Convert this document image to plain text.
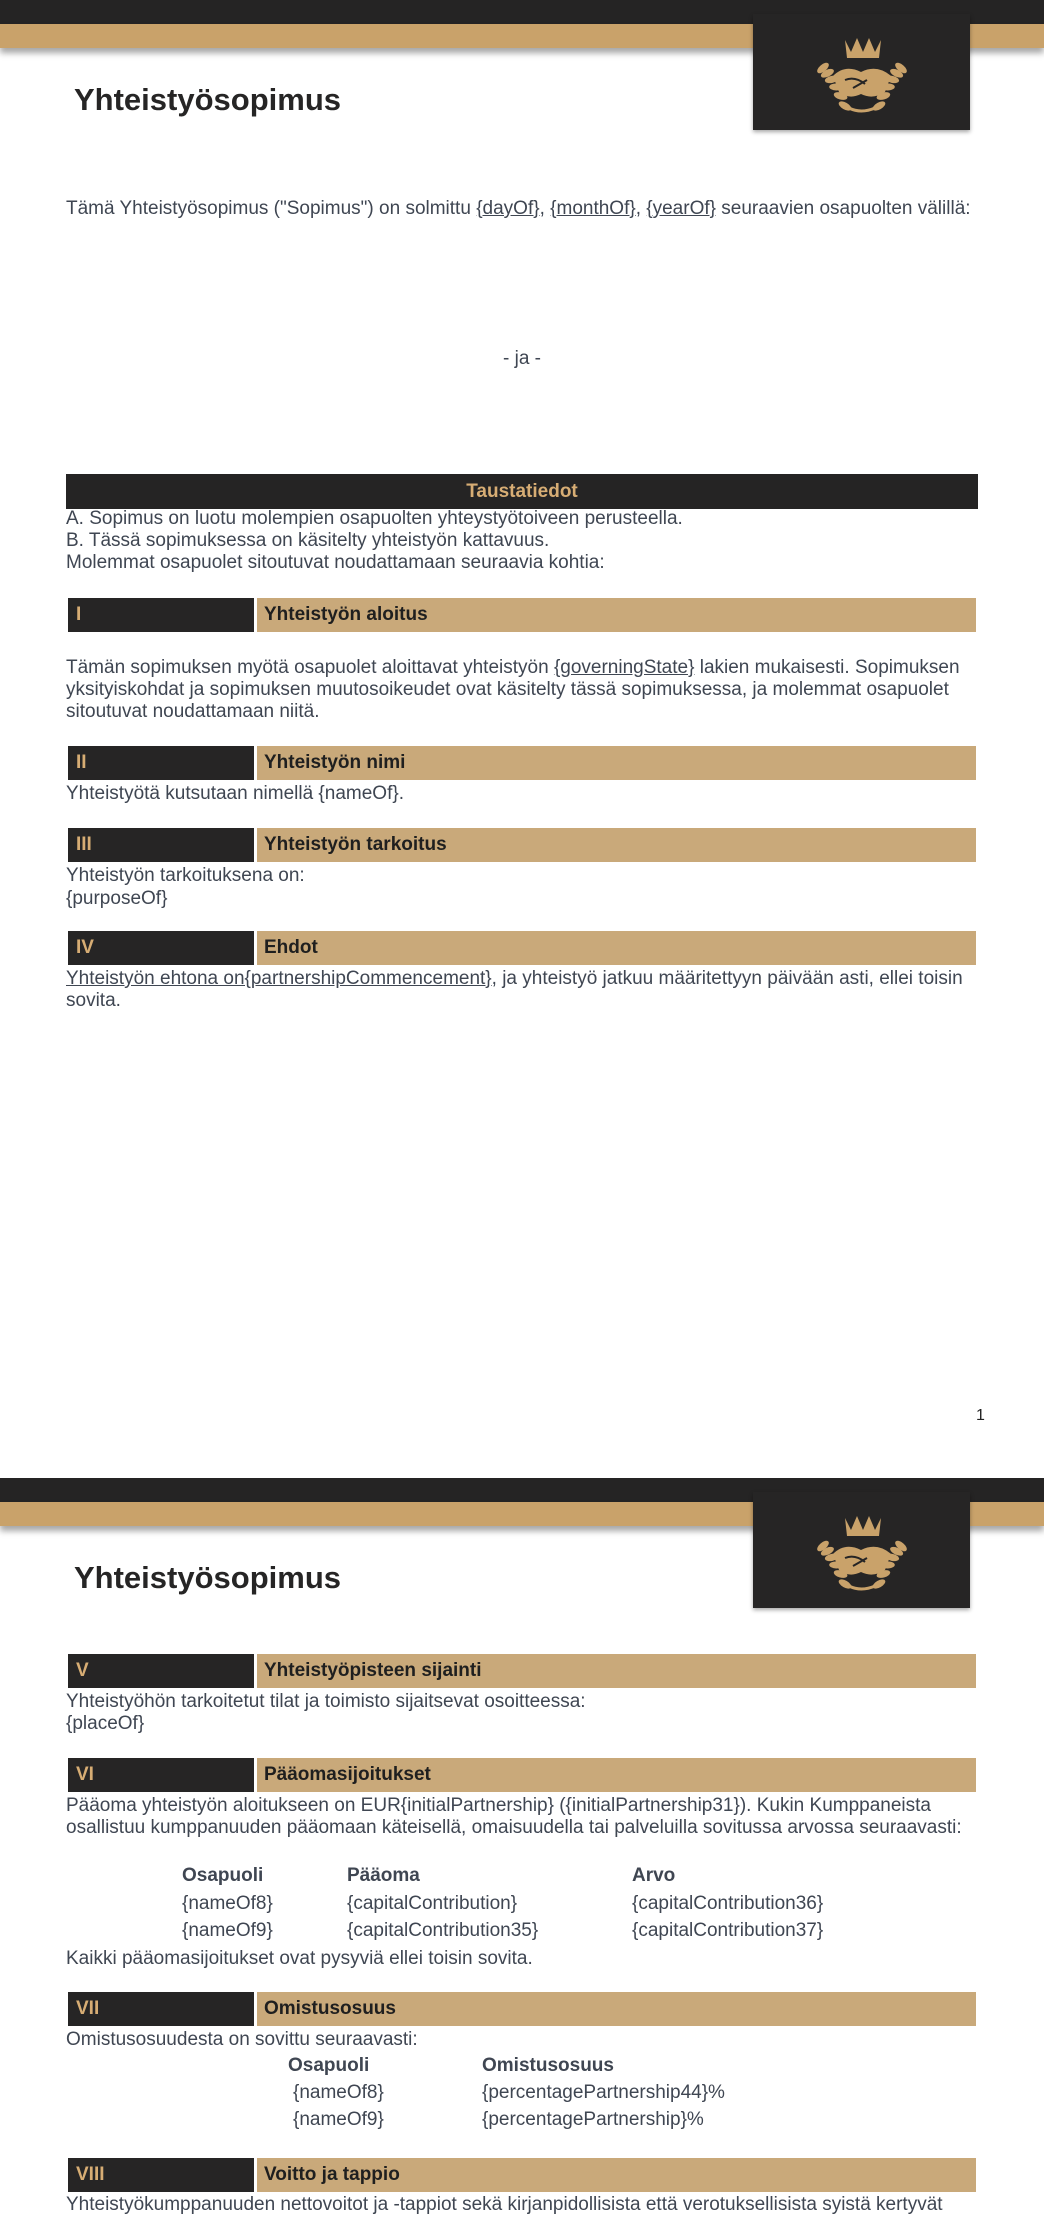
Yhteistyösopimus
Tämä Yhteistyösopimus ("Sopimus") on solmittu {dayOf}, {monthOf}, {yearOf} seuraavien osapuolten välillä:
- ja -
Taustatiedot
A. Sopimus on luotu molempien osapuolten yhteystyötoiveen perusteella.
B. Tässä sopimuksessa on käsitelty yhteistyön kattavuus.
Molemmat osapuolet sitoutuvat noudattamaan seuraavia kohtia:
I	Yhteistyön aloitus
Tämän sopimuksen myötä osapuolet aloittavat yhteistyön {governingState} lakien mukaisesti. Sopimuksen yksityiskohdat ja sopimuksen muutosoikeudet ovat käsitelty tässä sopimuksessa, ja molemmat osapuolet sitoutuvat noudattamaan niitä.
II	Yhteistyön nimi
Yhteistyötä kutsutaan nimellä {nameOf}.
III	Yhteistyön tarkoitus
Yhteistyön tarkoituksena on:
{purposeOf}
IV	Ehdot
Yhteistyön ehtona on{partnershipCommencement}, ja yhteistyö jatkuu määritettyyn päivään asti, ellei toisin sovita.
1
Yhteistyösopimus
V	Yhteistyöpisteen sijainti
Yhteistyöhön tarkoitetut tilat ja toimisto sijaitsevat osoitteessa:
{placeOf}
VI	Pääomasijoitukset
Pääoma yhteistyön aloitukseen on EUR{initialPartnership} ({initialPartnership31}). Kukin Kumppaneista osallistuu kumppanuuden pääomaan käteisellä, omaisuudella tai palveluilla sovitussa arvossa seuraavasti:
Osapuoli	Pääoma	Arvo
{nameOf8}	{capitalContribution}	{capitalContribution36}
{nameOf9}	{capitalContribution35}	{capitalContribution37}
Kaikki pääomasijoitukset ovat pysyviä ellei toisin sovita.
VII	Omistusosuus
Omistusosuudesta on sovittu seuraavasti:
Osapuoli	Omistusosuus
{nameOf8}	{percentagePartnership44}%
{nameOf9}	{percentagePartnership}%
VIII	Voitto ja tappio
Yhteistyökumppanuuden nettovoitot ja -tappiot sekä kirjanpidollisista että verotuksellisista syistä kertyvät
